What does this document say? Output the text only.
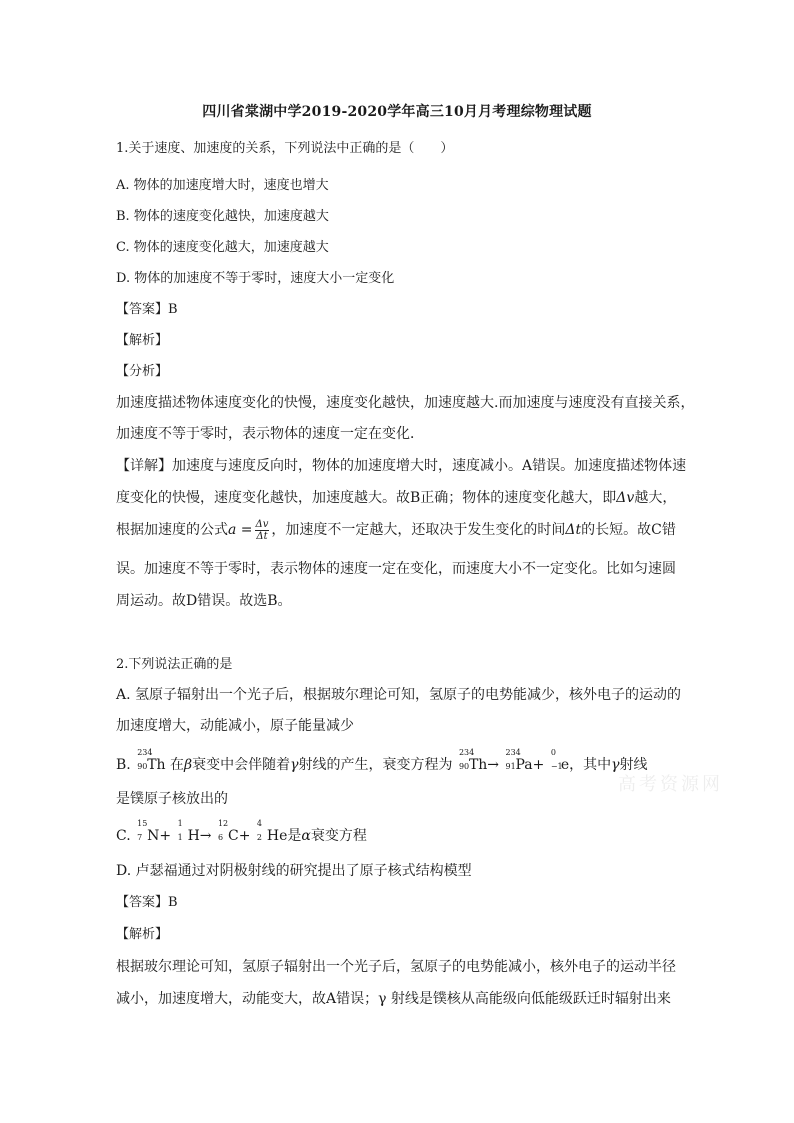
四川省棠湖中学2019-2020学年高三10月月考理综物理试题
1.关于速度、加速度的关系，下列说法中正确的是（　　）
A. 物体的加速度增大时，速度也增大
B. 物体的速度变化越快，加速度越大
C. 物体的速度变化越大，加速度越大
D. 物体的加速度不等于零时，速度大小一定变化
【答案】B
【解析】
【分析】
加速度描述物体速度变化的快慢，速度变化越快，加速度越大.而加速度与速度没有直接关系，
加速度不等于零时，表示物体的速度一定在变化．
【详解】加速度与速度反向时，物体的加速度增大时，速度减小。A错误。加速度描述物体速
度变化的快慢，速度变化越快，加速度越大。故B正确；物体的速度变化越大，即Δv越大，
根据加速度的公式$a = \frac{\Delta v}{\Delta t}$ ，加速度不一定越大，还取决于发生变化的时间Δt的长短。故C错
误。加速度不等于零时，表示物体的速度一定在变化，而速度大小不一定变化。比如匀速圆
周运动。故D错误。故选B。
2.下列说法正确的是
A. 氢原子辐射出一个光子后，根据玻尔理论可知，氢原子的电势能减少，核外电子的运动的
加速度增大，动能减小，原子能量减少
B.
234
90 Th 在β衰变中会伴随着γ射线的产生，衰变方程为
234
90 Th→
234
91 Pa+
0
−1
e，其中γ射线
是镤原子核放出的
C.
15
7 N+
1
1 H→
12
6 C+
4
2 He是α衰变方程
D. 卢瑟福通过对阴极射线的研究提出了原子核式结构模型
【答案】B
【解析】
根据玻尔理论可知，氢原子辐射出一个光子后，氢原子的电势能减小，核外电子的运动半径
减小，加速度增大，动能变大，故A错误；γ 射线是镤核从高能级向低能级跃迁时辐射出来
高考资源网
